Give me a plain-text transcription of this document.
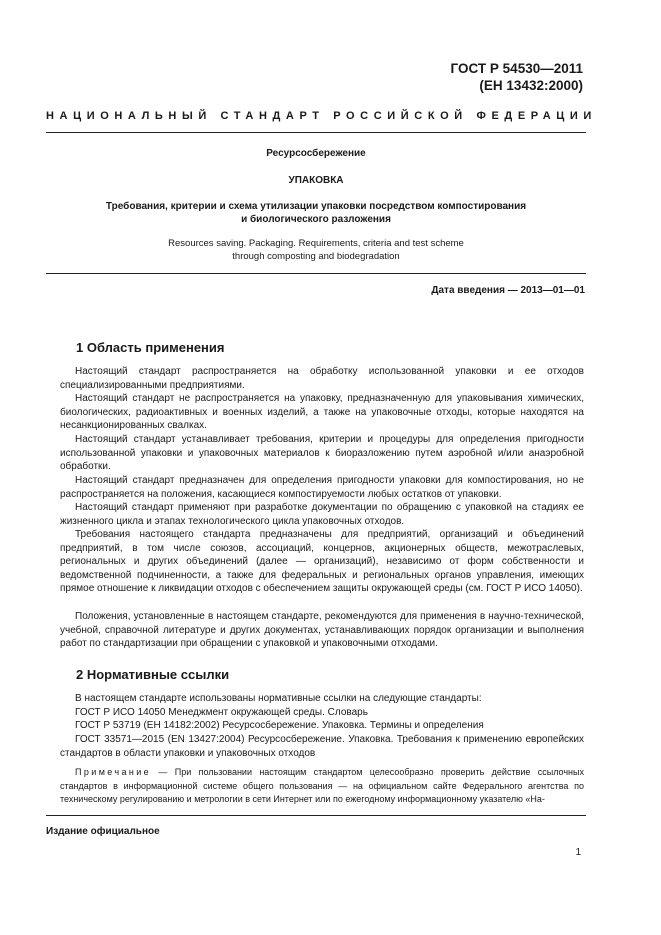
ГОСТ Р 54530—2011
(ЕН 13432:2000)
НАЦИОНАЛЬНЫЙ СТАНДАРТ РОССИЙСКОЙ ФЕДЕРАЦИИ
Ресурсосбережение
УПАКОВКА
Требования, критерии и схема утилизации упаковки посредством компостирования
и биологического разложения
Resources saving. Packaging. Requirements, criteria and test scheme
through composting and biodegradation
Дата введения — 2013—01—01
1 Область применения

Настоящий стандарт распространяется на обработку использованной упаковки и ее отходов специализированными предприятиями.

Настоящий стандарт не распространяется на упаковку, предназначенную для упаковывания химических, биологических, радиоактивных и военных изделий, а также на упаковочные отходы, которые находятся на несанкционированных свалках.

Настоящий стандарт устанавливает требования, критерии и процедуры для определения пригодности использованной упаковки и упаковочных материалов к биоразложению путем аэробной и/или анаэробной обработки.

Настоящий стандарт предназначен для определения пригодности упаковки для компостирования, но не распространяется на положения, касающиеся компостируемости любых остатков от упаковки.

Настоящий стандарт применяют при разработке документации по обращению с упаковкой на стадиях ее жизненного цикла и этапах технологического цикла упаковочных отходов.

Требования настоящего стандарта предназначены для предприятий, организаций и объединений предприятий, в том числе союзов, ассоциаций, концернов, акционерных обществ, межотраслевых, региональных и других объединений (далее — организаций), независимо от форм собственности и ведомственной подчиненности, а также для федеральных и региональных органов управления, имеющих прямое отношение к ликвидации отходов с обеспечением защиты окружающей среды (см. ГОСТ Р ИСО 14050).

Положения, установленные в настоящем стандарте, рекомендуются для применения в научно-технической, учебной, справочной литературе и других документах, устанавливающих порядок организации и выполнения работ по стандартизации при обращении с упаковкой и упаковочными отходами.

2 Нормативные ссылки

В настоящем стандарте использованы нормативные ссылки на следующие стандарты:

ГОСТ Р ИСО 14050 Менеджмент окружающей среды. Словарь

ГОСТ Р 53719 (ЕН 14182:2002) Ресурсосбережение. Упаковка. Термины и определения

ГОСТ 33571—2015 (ЕN 13427:2004) Ресурсосбережение. Упаковка. Требования к применению европейских стандартов в области упаковки и упаковочных отходов

Примечание — При пользовании настоящим стандартом целесообразно проверить действие ссылочных стандартов в информационной системе общего пользования — на официальном сайте Федерального агентства по техническому регулированию и метрологии в сети Интернет или по ежегодному информационному указателю «На-

Издание официальное
1
